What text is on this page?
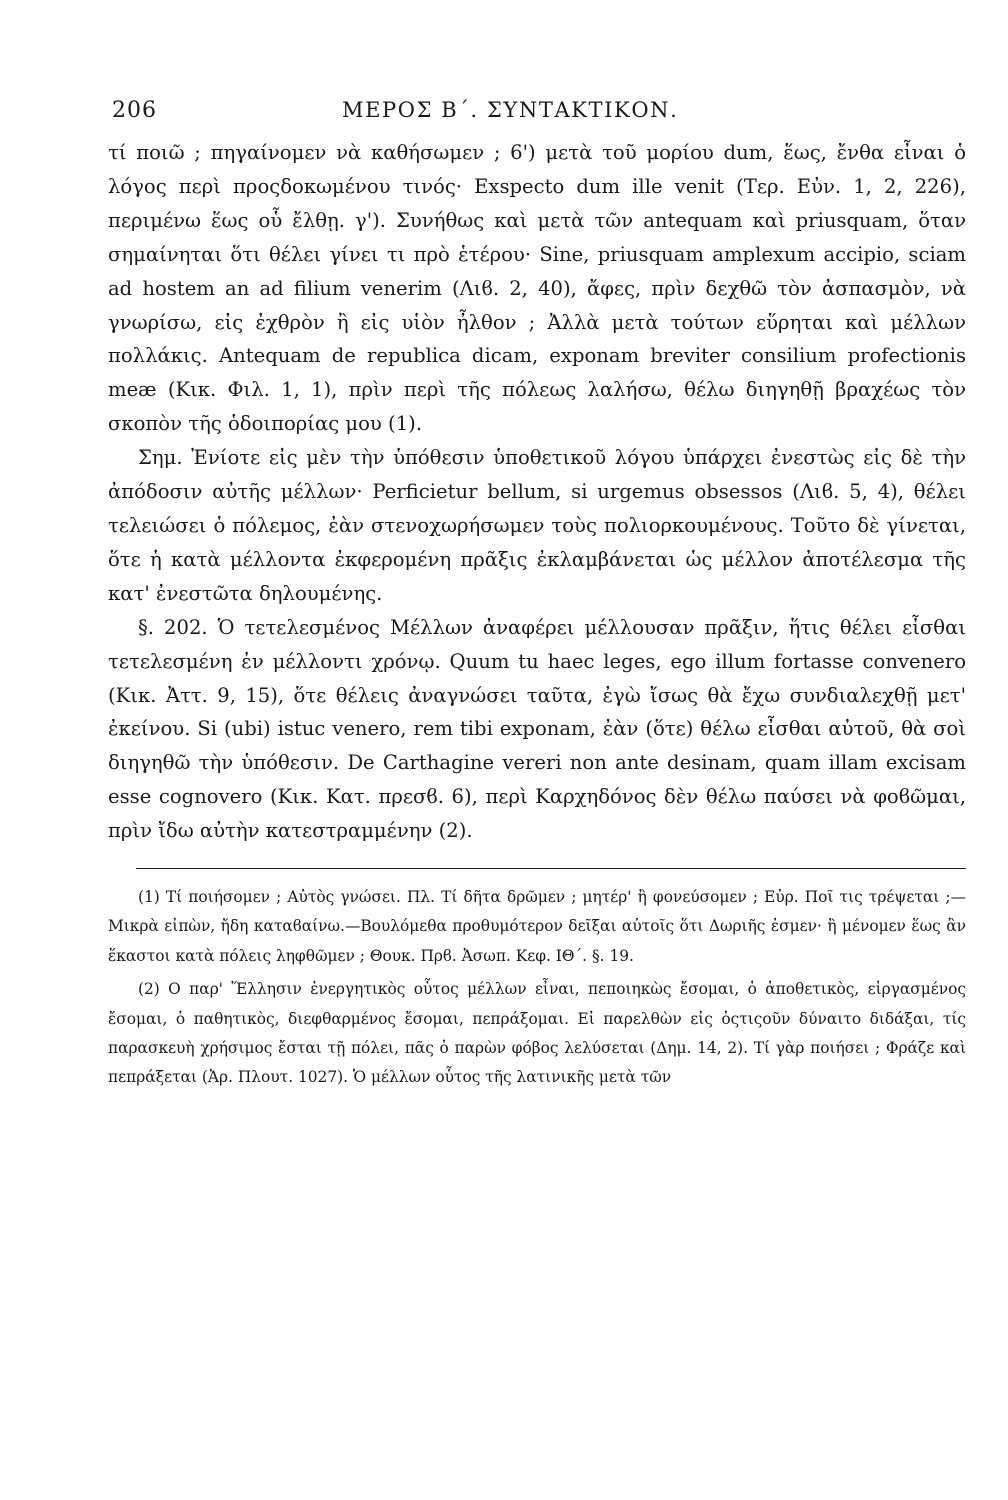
206	ΜΕΡΟΣ Β΄. ΣΥΝΤΑΚΤΙΚΟΝ.

τί ποιῶ ; πηγαίνομεν νὰ καθήσωμεν ; 6') μετὰ τοῦ μορίου dum, ἕως, ἔνθα εἶναι ὁ λόγος περὶ προςδοκωμένου τινός· Exspecto dum ille venit (Τερ. Εὐν. 1, 2, 226), περιμένω ἕως οὗ ἔλθῃ. γ'). Συνήθως καὶ μετὰ τῶν antequam καὶ priusquam, ὅταν σημαίνηται ὅτι θέλει γίνει τι πρὸ ἑτέρου· Sine, priusquam amplexum accipio, sciam ad hostem an ad filium venerim (Λιϐ. 2, 40), ἄφες, πρὶν δεχθῶ τὸν ἀσπασμὸν, νὰ γνωρίσω, εἰς ἐχθρὸν ἢ εἰς υἱὸν ἦλθον ; Ἀλλὰ μετὰ τούτων εὕρηται καὶ μέλλων πολλάκις. Antequam de republica dicam, exponam breviter consilium profectionis meæ (Κικ. Φιλ. 1, 1), πρὶν περὶ τῆς πόλεως λαλήσω, θέλω διηγηθῇ βραχέως τὸν σκοπὸν τῆς ὁδοιπορίας μου (1).

Σημ. Ἐνίοτε εἰς μὲν τὴν ὑπόθεσιν ὑποθετικοῦ λόγου ὑπάρχει ἐνεστὼς εἰς δὲ τὴν ἀπόδοσιν αὐτῆς μέλλων· Perficietur bellum, si urgemus obsessos (Λιϐ. 5, 4), θέλει τελειώσει ὁ πόλεμος, ἐὰν στενοχωρήσωμεν τοὺς πολιορκουμένους. Τοῦτο δὲ γίνεται, ὅτε ἡ κατὰ μέλλοντα ἐκφερομένη πρᾶξις ἐκλαμβάνεται ὡς μέλλον ἀποτέλεσμα τῆς κατ' ἐνεστῶτα δηλουμένης.

§. 202. Ὁ τετελεσμένος Μέλλων ἀναφέρει μέλλουσαν πρᾶξιν, ἥτις θέλει εἶσθαι τετελεσμένη ἐν μέλλοντι χρόνῳ. Quum tu haec leges, ego illum fortasse convenero (Κικ. Ἀττ. 9, 15), ὅτε θέλεις ἀναγνώσει ταῦτα, ἐγὼ ἴσως θὰ ἔχω συνδιαλεχθῇ μετ' ἐκείνου. Si (ubi) istuc venero, rem tibi exponam, ἐὰν (ὅτε) θέλω εἶσθαι αὐτοῦ, θὰ σοὶ διηγηθῶ τὴν ὑπόθεσιν. De Carthagine vereri non ante desinam, quam illam excisam esse cognovero (Κικ. Κατ. πρεσϐ. 6), περὶ Καρχηδόνος δὲν θέλω παύσει νὰ φοϐῶμαι, πρὶν ἴδω αὐτὴν κατεστραμμένην (2).

(1) Τί ποιήσομεν ; Αὐτὸς γνώσει. Πλ. Τί δῆτα δρῶμεν ; μητέρ' ἢ φονεύσομεν ; Εὐρ. Ποῖ τις τρέψεται ;—Μικρὰ εἰπὼν, ἤδη καταϐαίνω.—Βουλόμεθα προθυμότερον δεῖξαι αὐτοῖς ὅτι Δωριῆς ἐσμεν· ἢ μένομεν ἕως ἂν ἕκαστοι κατὰ πόλεις ληφθῶμεν ; Θουκ. Πρϐ. Ἀσωπ. Κεφ. ΙΘ΄. §. 19.

(2) Ο παρ' Ἕλλησιν ἐνεργητικὸς οὗτος μέλλων εἶναι, πεποιηκὼς ἔσομαι, ὁ ἀποθετικὸς, εἰργασμένος ἔσομαι, ὁ παθητικὸς, διεφθαρμένος ἔσομαι, πεπράξομαι. Εἰ παρελθὼν εἰς ὁςτιςοῦν δύναιτο διδάξαι, τίς παρασκευὴ χρήσιμος ἔσται τῇ πόλει, πᾶς ὁ παρὼν φόβος λελύσεται (Δημ. 14, 2). Τί γὰρ ποιήσει ; Φράζε καὶ πεπράξεται (Ἀρ. Πλουτ. 1027). Ὁ μέλλων οὗτος τῆς λατινικῆς μετὰ τῶν
